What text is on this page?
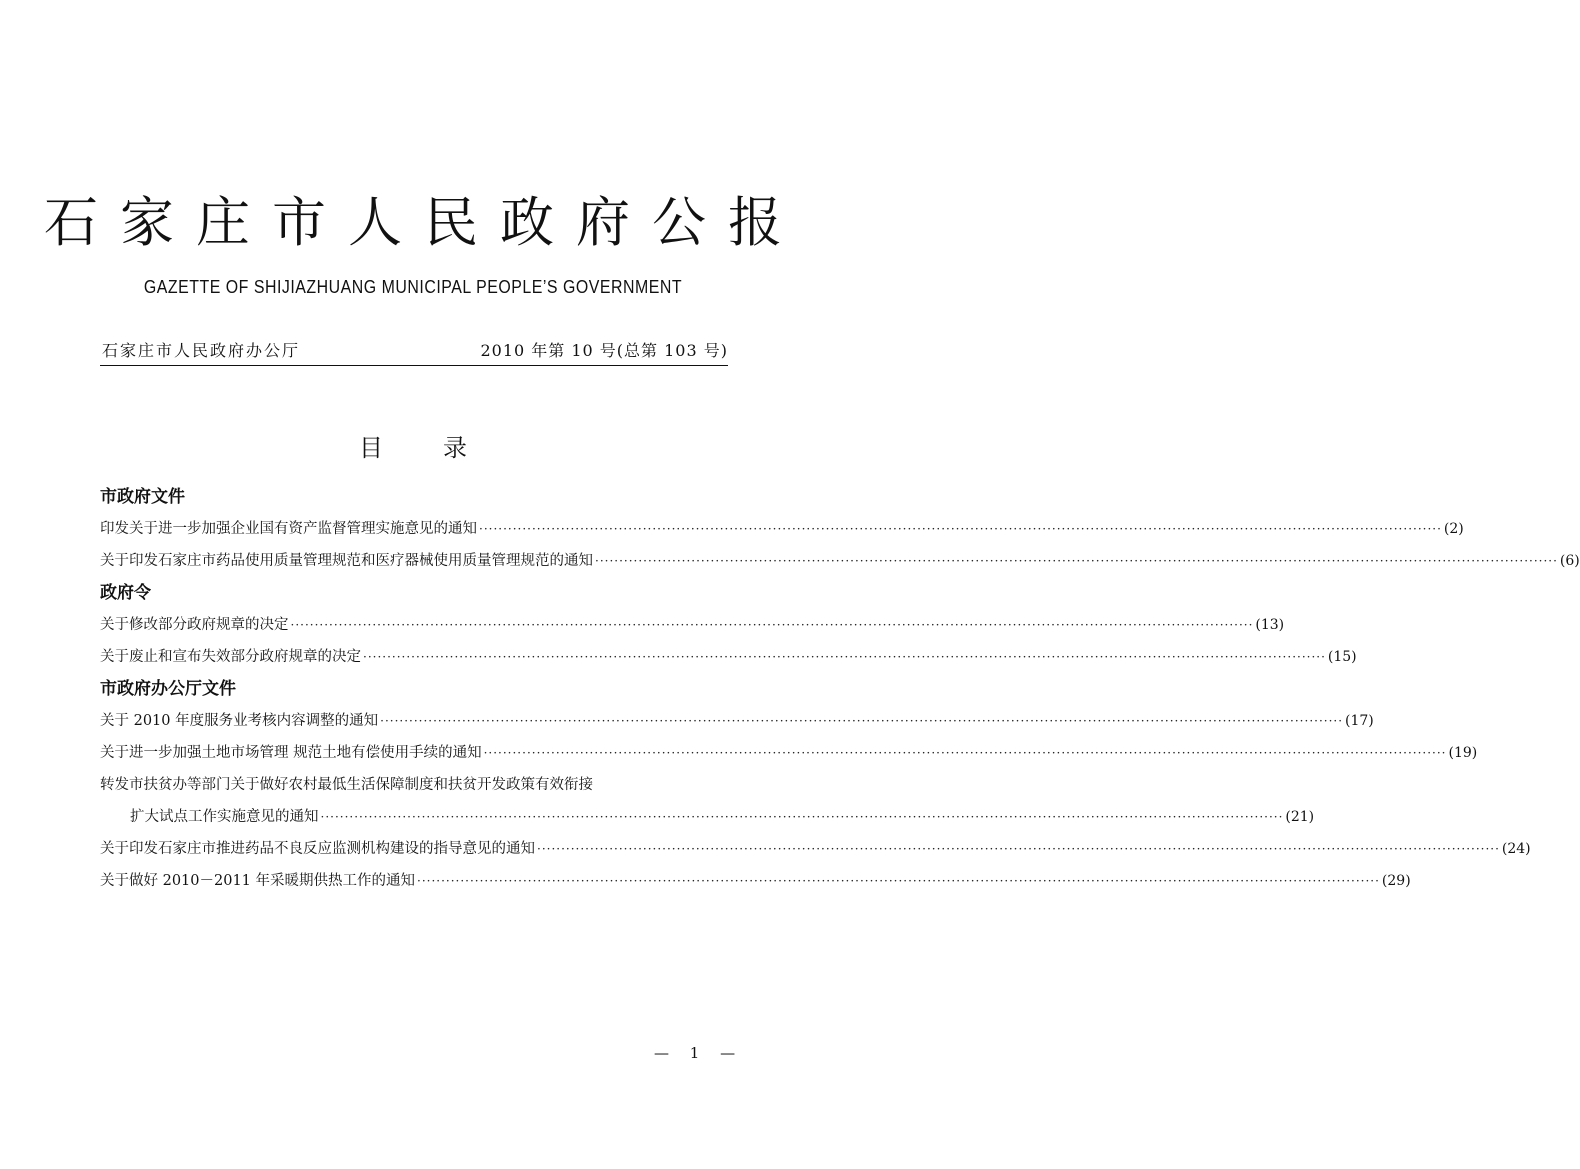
石家庄市人民政府公报
GAZETTE OF SHIJIAZHUANG MUNICIPAL PEOPLE’S GOVERNMENT
石家庄市人民政府办公厅	2010 年第 10 号(总第 103 号)
目	录
市政府文件
印发关于进一步加强企业国有资产监督管理实施意见的通知 ········································································································································································································ (2)
关于印发石家庄市药品使用质量管理规范和医疗器械使用质量管理规范的通知 ········································································································································································································ (6)
政府令
关于修改部分政府规章的决定 ········································································································································································································ (13)
关于废止和宣布失效部分政府规章的决定 ········································································································································································································ (15)
市政府办公厅文件
关于 2010 年度服务业考核内容调整的通知 ········································································································································································································ (17)
关于进一步加强土地市场管理 规范土地有偿使用手续的通知 ········································································································································································································ (19)
转发市扶贫办等部门关于做好农村最低生活保障制度和扶贫开发政策有效衔接
扩大试点工作实施意见的通知 ········································································································································································································ (21)
关于印发石家庄市推进药品不良反应监测机构建设的指导意见的通知 ········································································································································································································ (24)
关于做好 2010－2011 年采暖期供热工作的通知 ········································································································································································································ (29)
— 1 —
